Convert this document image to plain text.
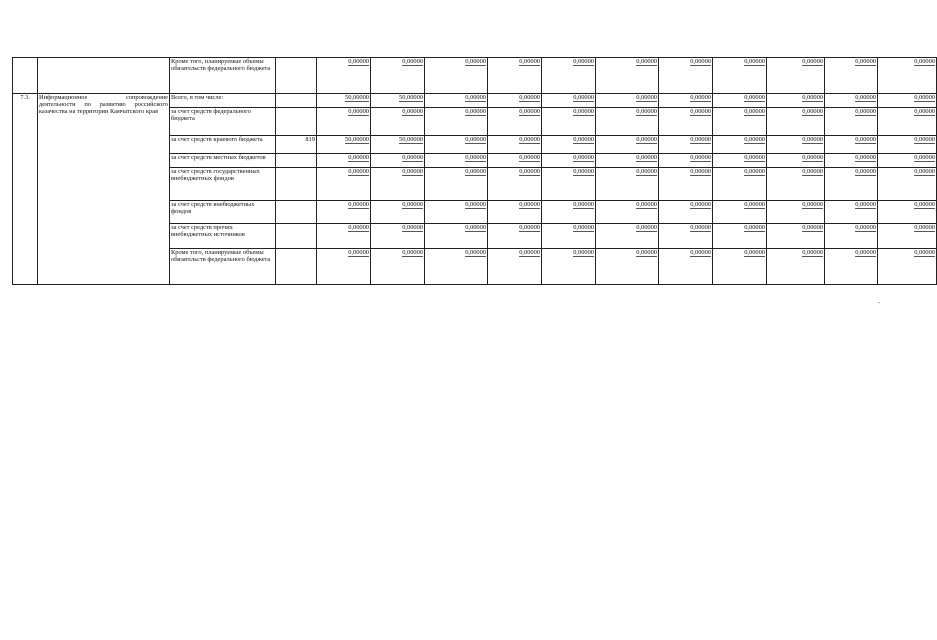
		Кроме того, планируемые объемы обязательств федерального бюджета		0,00000	0,00000	0,00000	0,00000	0,00000	0,00000	0,00000	0,00000	0,00000	0,00000	0,00000
7.3.	Информационное сопровождение деятельности по развитию российского казачества на территории Камчатского края	Всего, в том числе:		50,00000	50,00000	0,00000	0,00000	0,00000	0,00000	0,00000	0,00000	0,00000	0,00000	0,00000
		за счет средств федерального бюджета		0,00000	0,00000	0,00000	0,00000	0,00000	0,00000	0,00000	0,00000	0,00000	0,00000	0,00000
		за счет средств краевого бюджета	819	50,00000	50,00000	0,00000	0,00000	0,00000	0,00000	0,00000	0,00000	0,00000	0,00000	0,00000
		за счет средств местных бюджетов		0,00000	0,00000	0,00000	0,00000	0,00000	0,00000	0,00000	0,00000	0,00000	0,00000	0,00000
		за счет средств государственных внебюджетных фондов		0,00000	0,00000	0,00000	0,00000	0,00000	0,00000	0,00000	0,00000	0,00000	0,00000	0,00000
		за счет средств внебюджетных фондов		0,00000	0,00000	0,00000	0,00000	0,00000	0,00000	0,00000	0,00000	0,00000	0,00000	0,00000
		за счет средств прочих внебюджетных источников		0,00000	0,00000	0,00000	0,00000	0,00000	0,00000	0,00000	0,00000	0,00000	0,00000	0,00000
		Кроме того, планируемые объемы обязательств федерального бюджета		0,00000	0,00000	0,00000	0,00000	0,00000	0,00000	0,00000	0,00000	0,00000	0,00000	0,00000
.
